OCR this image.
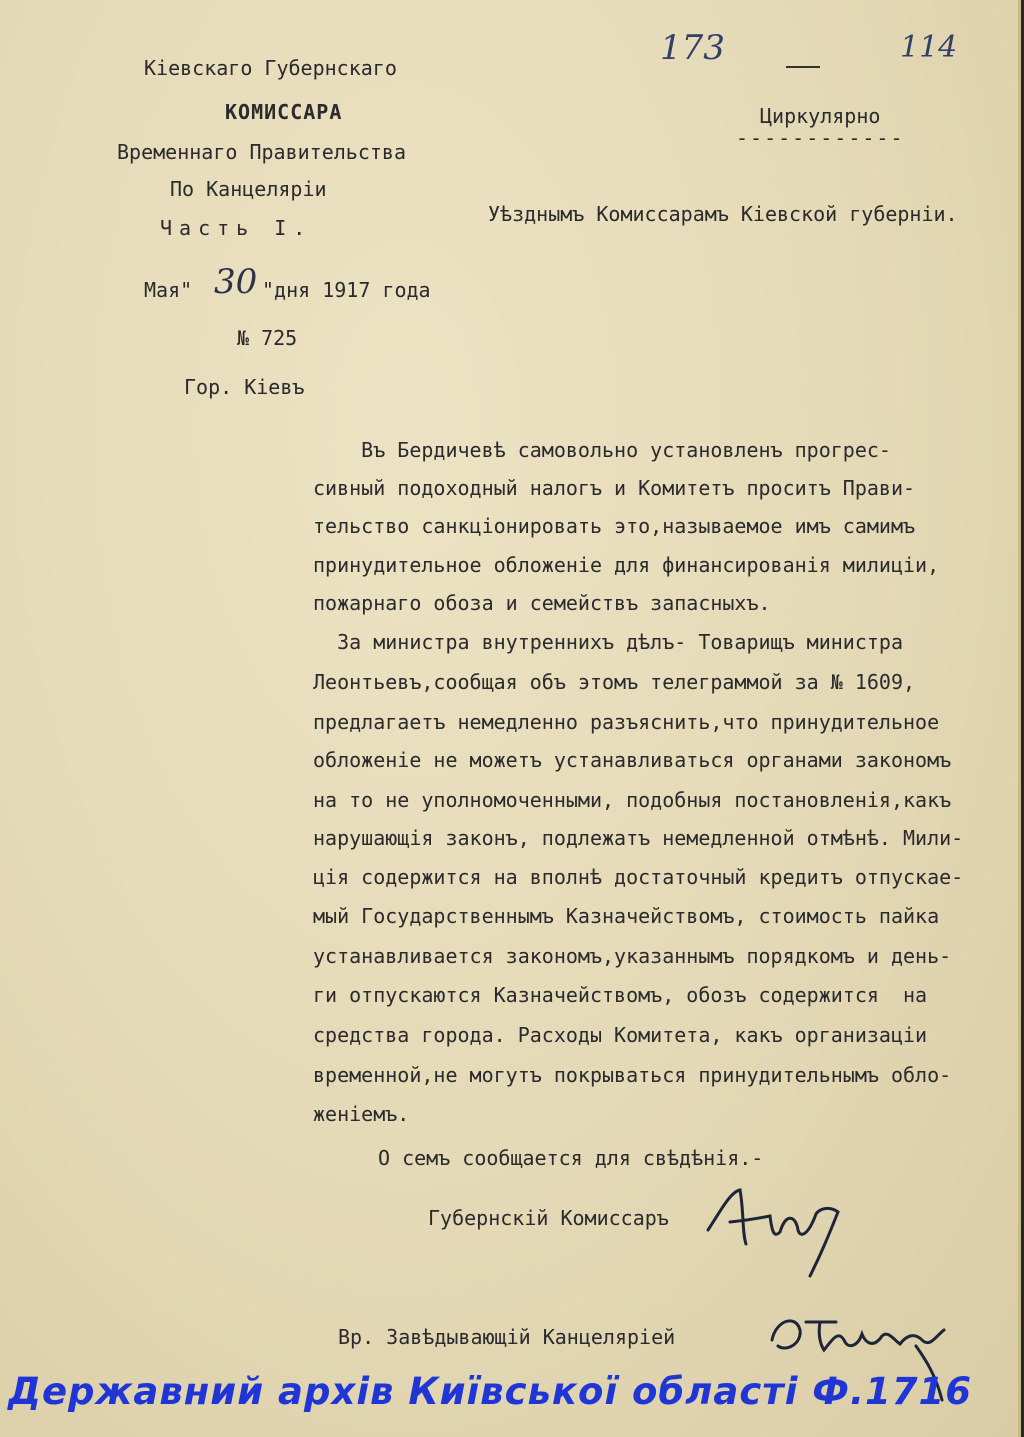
Кіевскаго Губернскаго
КОМИССАРА
Временнаго Правительства
По Канцеляріи
Часть I.
Мая" 30 "дня 1917 года
№ 725
Гор. Кіевъ
173	114
Циркулярно
------------
Уѣзднымъ Комиссарамъ Кіевской губерніи.
Въ Бердичевѣ самовольно установленъ прогрес-
сивный подоходный налогъ и Комитетъ проситъ Прави-
тельство санкціонировать это,называемое имъ самимъ
принудительное обложеніе для финансированія милиціи,
пожарнаго обоза и семействъ запасныхъ.
За министра внутреннихъ дѣлъ- Товарищъ министра
Леонтьевъ,сообщая объ этомъ телеграммой за № 1609,
предлагаетъ немедленно разъяснить,что принудительное
обложеніе не можетъ устанавливаться органами закономъ
на то не уполномоченными, подобныя постановленія,какъ
нарушающія законъ, подлежатъ немедленной отмѣнѣ. Мили-
ція содержится на вполнѣ достаточный кредитъ отпускае-
мый Государственнымъ Казначействомъ, стоимость пайка
устанавливается закономъ,указаннымъ порядкомъ и день-
ги отпускаются Казначействомъ, обозъ содержится  на
средства города. Расходы Комитета, какъ организаціи
временной,не могутъ покрываться принудительнымъ обло-
женіемъ.
О семъ сообщается для свѣдѣнія.-
Губернскій Комиссаръ
Вр. Завѣдывающій Канцеляріей
Державний архів Київської області Ф.1716
